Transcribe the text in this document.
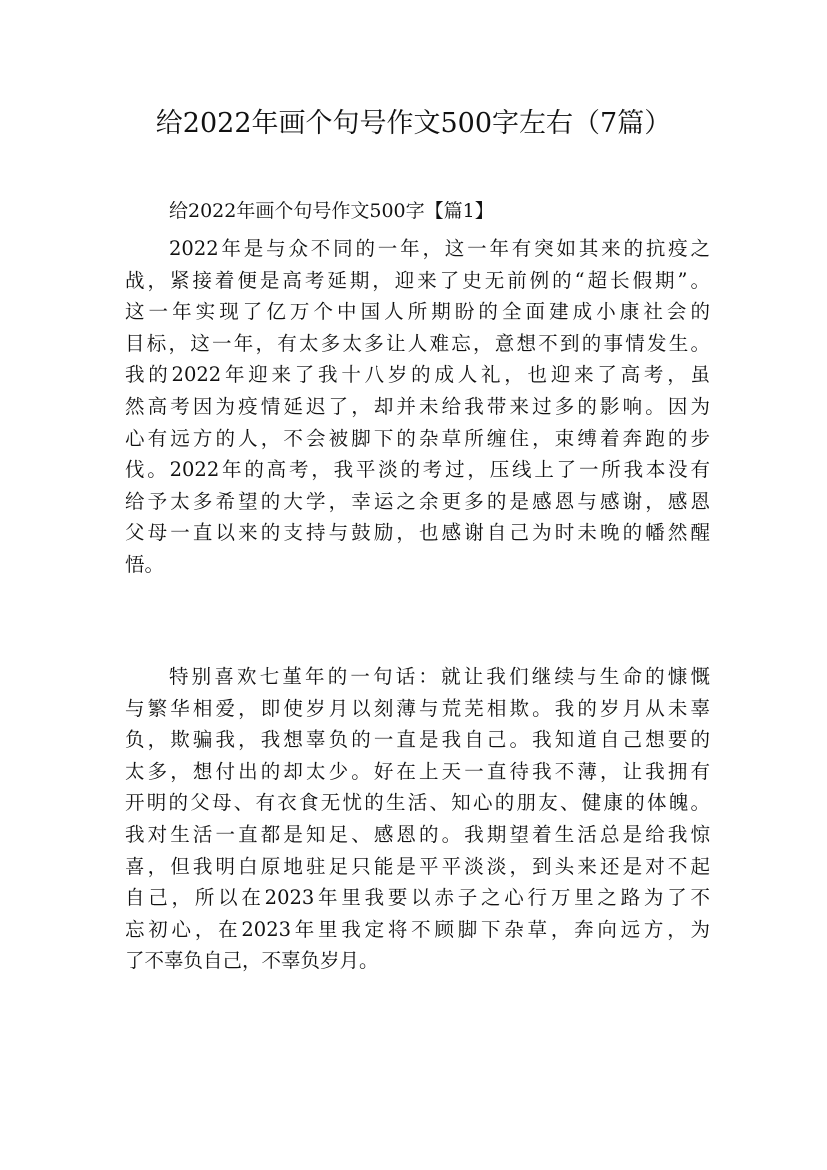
给2022年画个句号作文500字左右（7篇）

给2022年画个句号作文500字【篇1】

2022年是与众不同的一年，这一年有突如其来的抗疫之
战，紧接着便是高考延期，迎来了史无前例的“超长假期”。
这一年实现了亿万个中国人所期盼的全面建成小康社会的
目标，这一年，有太多太多让人难忘，意想不到的事情发生。
我的2022年迎来了我十八岁的成人礼，也迎来了高考，虽
然高考因为疫情延迟了，却并未给我带来过多的影响。因为
心有远方的人，不会被脚下的杂草所缠住，束缚着奔跑的步
伐。2022年的高考，我平淡的考过，压线上了一所我本没有
给予太多希望的大学，幸运之余更多的是感恩与感谢，感恩
父母一直以来的支持与鼓励，也感谢自己为时未晚的幡然醒
悟。
特别喜欢七堇年的一句话：就让我们继续与生命的慷慨
与繁华相爱，即使岁月以刻薄与荒芜相欺。我的岁月从未辜
负，欺骗我，我想辜负的一直是我自己。我知道自己想要的
太多，想付出的却太少。好在上天一直待我不薄，让我拥有
开明的父母、有衣食无忧的生活、知心的朋友、健康的体魄。
我对生活一直都是知足、感恩的。我期望着生活总是给我惊
喜，但我明白原地驻足只能是平平淡淡，到头来还是对不起
自己，所以在2023年里我要以赤子之心行万里之路为了不
忘初心，在2023年里我定将不顾脚下杂草，奔向远方，为
了不辜负自己，不辜负岁月。
